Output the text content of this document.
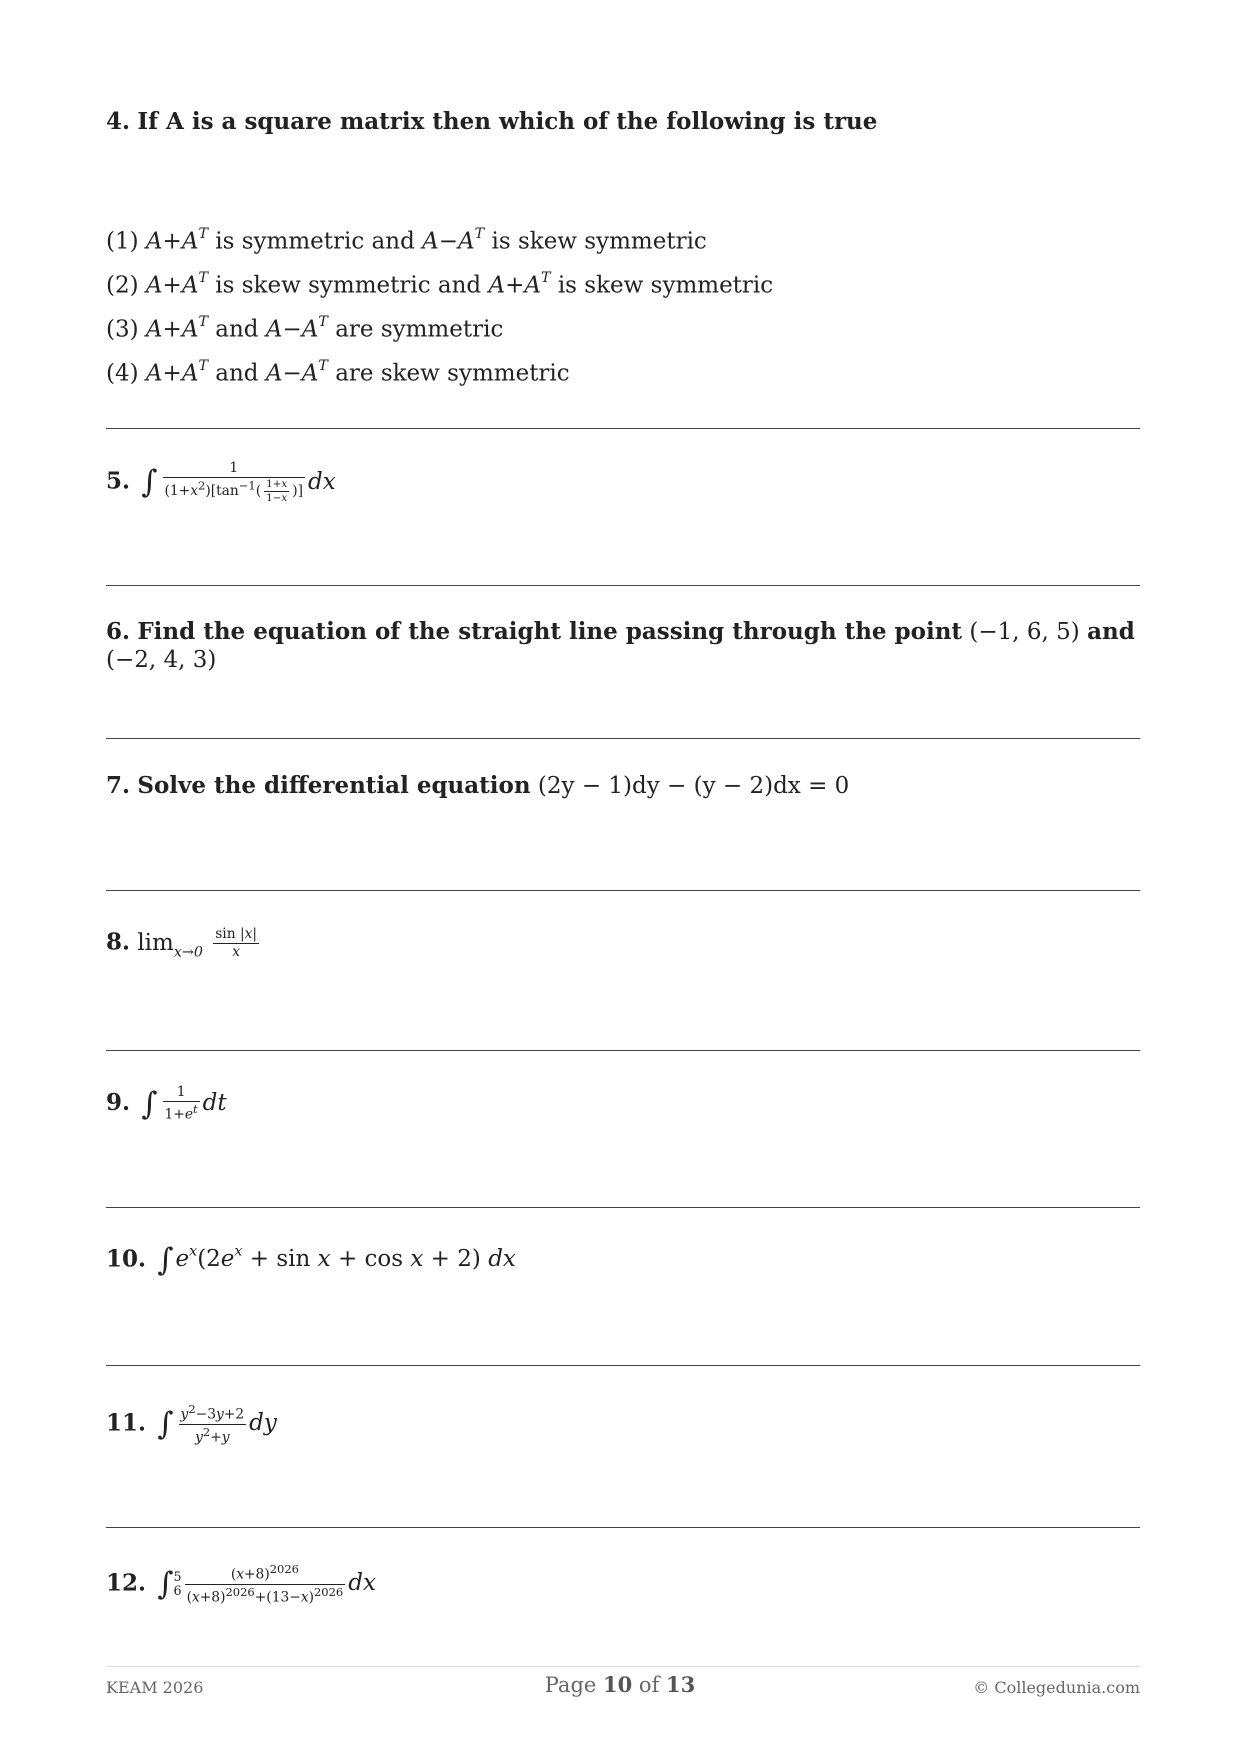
4. If A is a square matrix then which of the following is true
(1) $A+A^T$ is symmetric and $A-A^T$ is skew symmetric
(2) $A+A^T$ is skew symmetric and $A+A^T$ is skew symmetric
(3) $A+A^T$ and $A-A^T$ are symmetric
(4) $A+A^T$ and $A-A^T$ are skew symmetric
5. ∫ $\frac{1}{(1+x^2)[\tan^{-1}( \frac{1+x}{1-x} )]}$ dx
6. Find the equation of the straight line passing through the point (−1, 6, 5) and (−2, 4, 3)
7. Solve the differential equation (2y − 1)dy − (y − 2)dx = 0
8. $\lim_{x\to 0} \frac{\sin |x|}{x}$
9. ∫ $\frac{1}{1+e^t}$ dt
10. $\int e^x(2e^x + \sin x + \cos x + 2)$ dx
11. ∫ $\frac{y^2-3y+2}{y^2+y}$ dy
12. ∫ 5
$6 \frac{(x+8)^{2026}}{(x+8)^{2026}+(13-x)^{2026}}$ dx
KEAM 2026	Page 10 of 13	© Collegedunia.com
